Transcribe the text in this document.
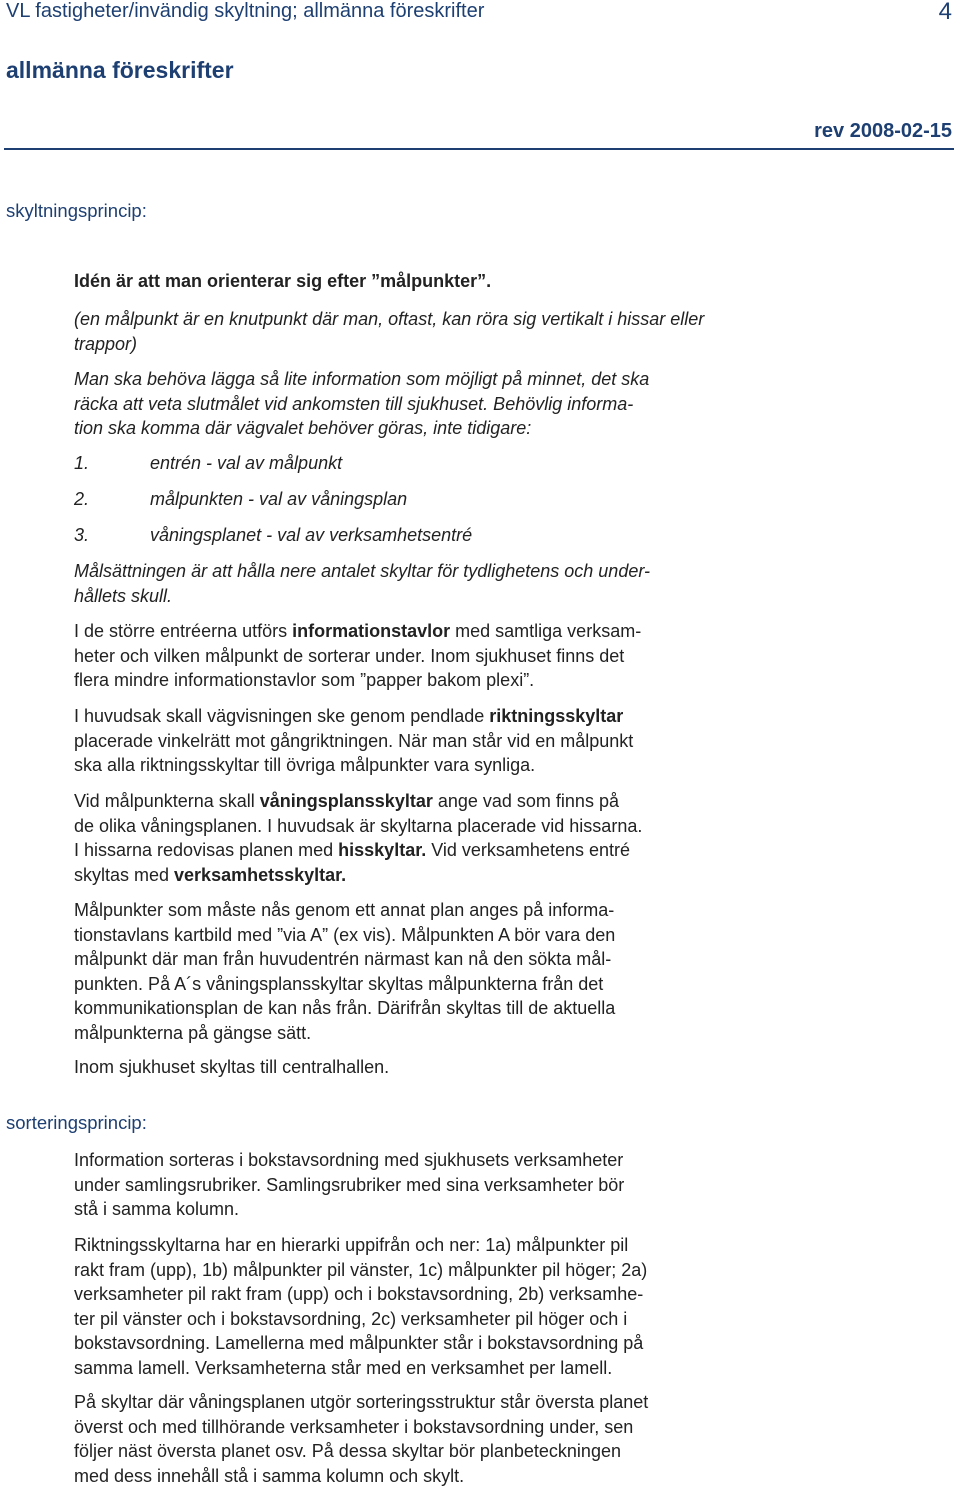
VL fastigheter/invändig skyltning; allmänna föreskrifter	4
allmänna föreskrifter
rev 2008-02-15
skyltningsprincip:

Idén är att man orienterar sig efter ”målpunkter”.

(en målpunkt är en knutpunkt där man, oftast, kan röra sig vertikalt i hissar eller trappor)

Man ska behöva lägga så lite information som möjligt på minnet, det ska
räcka att veta slutmålet vid ankomsten till sjukhuset. Behövlig informa-
tion ska komma där vägvalet behöver göras, inte tidigare:
1.	entrén - val av målpunkt
2.	målpunkten - val av våningsplan
3.	våningsplanet - val av verksamhetsentré
Målsättningen är att hålla nere antalet skyltar för tydlighetens och under-
hållets skull.
I de större entréerna utförs informationstavlor med samtliga verksam-
heter och vilken målpunkt de sorterar under. Inom sjukhuset finns det
flera mindre informationstavlor som ”papper bakom plexi”.
I huvudsak skall vägvisningen ske genom pendlade riktningsskyltar
placerade vinkelrätt mot gångriktningen. När man står vid en målpunkt
ska alla riktningsskyltar till övriga målpunkter vara synliga.
Vid målpunkterna skall våningsplansskyltar ange vad som finns på
de olika våningsplanen. I huvudsak är skyltarna placerade vid hissarna.
I hissarna redovisas planen med hisskyltar. Vid verksamhetens entré
skyltas med verksamhetsskyltar.
Målpunkter som måste nås genom ett annat plan anges på informa-
tionstavlans kartbild med ”via A” (ex vis). Målpunkten A bör vara den
målpunkt där man från huvudentrén närmast kan nå den sökta mål-
punkten. På A´s våningsplansskyltar skyltas målpunkterna från det
kommunikationsplan de kan nås från. Därifrån skyltas till de aktuella
målpunkterna på gängse sätt.

Inom sjukhuset skyltas till centralhallen.

sorteringsprincip:
Information sorteras i bokstavsordning med sjukhusets verksamheter
under samlingsrubriker. Samlingsrubriker med sina verksamheter bör
stå i samma kolumn.
Riktningsskyltarna har en hierarki uppifrån och ner: 1a) målpunkter pil
rakt fram (upp), 1b) målpunkter pil vänster, 1c) målpunkter pil höger; 2a)
verksamheter pil rakt fram (upp) och i bokstavsordning, 2b) verksamhe-
ter pil vänster och i bokstavsordning, 2c) verksamheter pil höger och i
bokstavsordning. Lamellerna med målpunkter står i bokstavsordning på
samma lamell. Verksamheterna står med en verksamhet per lamell.
På skyltar där våningsplanen utgör sorteringsstruktur står översta planet
överst och med tillhörande verksamheter i bokstavsordning under, sen
följer näst översta planet osv. På dessa skyltar bör planbeteckningen
med dess innehåll stå i samma kolumn och skylt.
